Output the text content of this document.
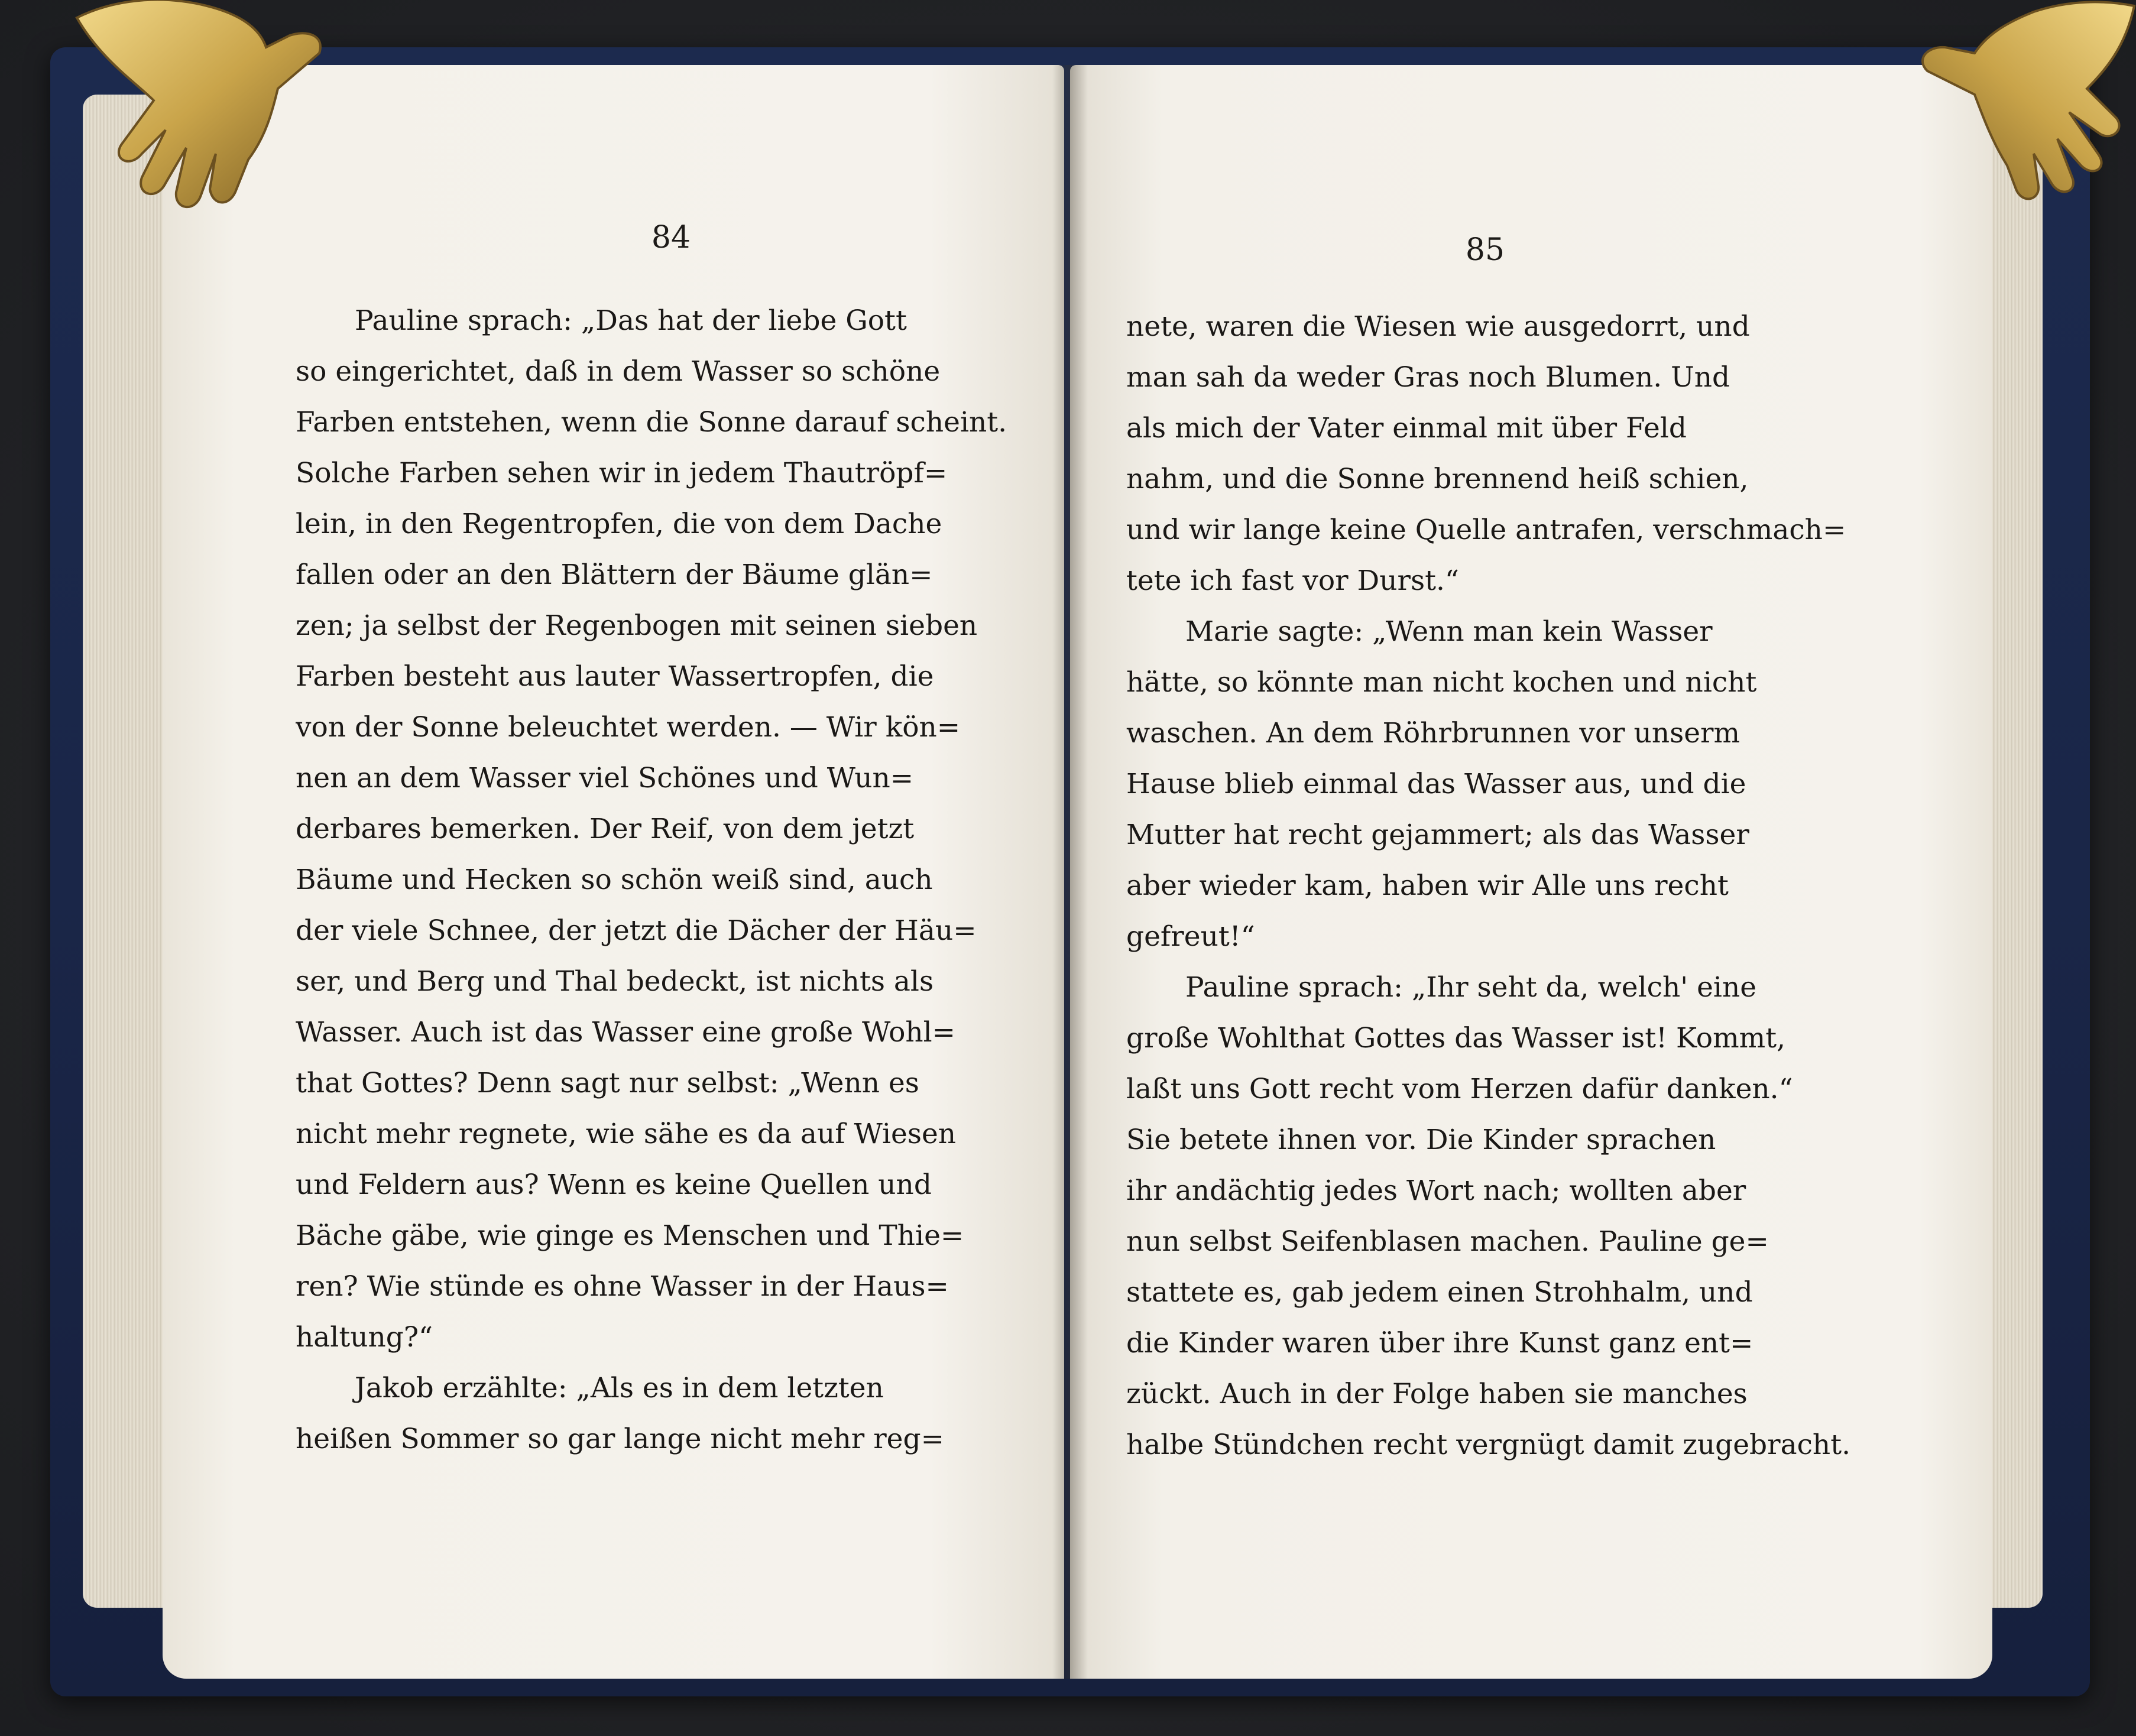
84	85
Pauline sprach: „Das hat der liebe Gott
so eingerichtet, daß in dem Wasser so schöne
Farben entstehen, wenn die Sonne darauf scheint.
Solche Farben sehen wir in jedem Thautröpf=
lein, in den Regentropfen, die von dem Dache
fallen oder an den Blättern der Bäume glän=
zen; ja selbst der Regenbogen mit seinen sieben
Farben besteht aus lauter Wassertropfen, die
von der Sonne beleuchtet werden. — Wir kön=
nen an dem Wasser viel Schönes und Wun=
derbares bemerken. Der Reif, von dem jetzt
Bäume und Hecken so schön weiß sind, auch
der viele Schnee, der jetzt die Dächer der Häu=
ser, und Berg und Thal bedeckt, ist nichts als
Wasser. Auch ist das Wasser eine große Wohl=
that Gottes? Denn sagt nur selbst: „Wenn es
nicht mehr regnete, wie sähe es da auf Wiesen
und Feldern aus? Wenn es keine Quellen und
Bäche gäbe, wie ginge es Menschen und Thie=
ren? Wie stünde es ohne Wasser in der Haus=
haltung?“
Jakob erzählte: „Als es in dem letzten
heißen Sommer so gar lange nicht mehr reg=
nete, waren die Wiesen wie ausgedorrt, und
man sah da weder Gras noch Blumen. Und
als mich der Vater einmal mit über Feld
nahm, und die Sonne brennend heiß schien,
und wir lange keine Quelle antrafen, verschmach=
tete ich fast vor Durst.“
Marie sagte: „Wenn man kein Wasser
hätte, so könnte man nicht kochen und nicht
waschen. An dem Röhrbrunnen vor unserm
Hause blieb einmal das Wasser aus, und die
Mutter hat recht gejammert; als das Wasser
aber wieder kam, haben wir Alle uns recht
gefreut!“
Pauline sprach: „Ihr seht da, welch' eine
große Wohlthat Gottes das Wasser ist! Kommt,
laßt uns Gott recht vom Herzen dafür danken.“
Sie betete ihnen vor. Die Kinder sprachen
ihr andächtig jedes Wort nach; wollten aber
nun selbst Seifenblasen machen. Pauline ge=
stattete es, gab jedem einen Strohhalm, und
die Kinder waren über ihre Kunst ganz ent=
zückt. Auch in der Folge haben sie manches
halbe Stündchen recht vergnügt damit zugebracht.
